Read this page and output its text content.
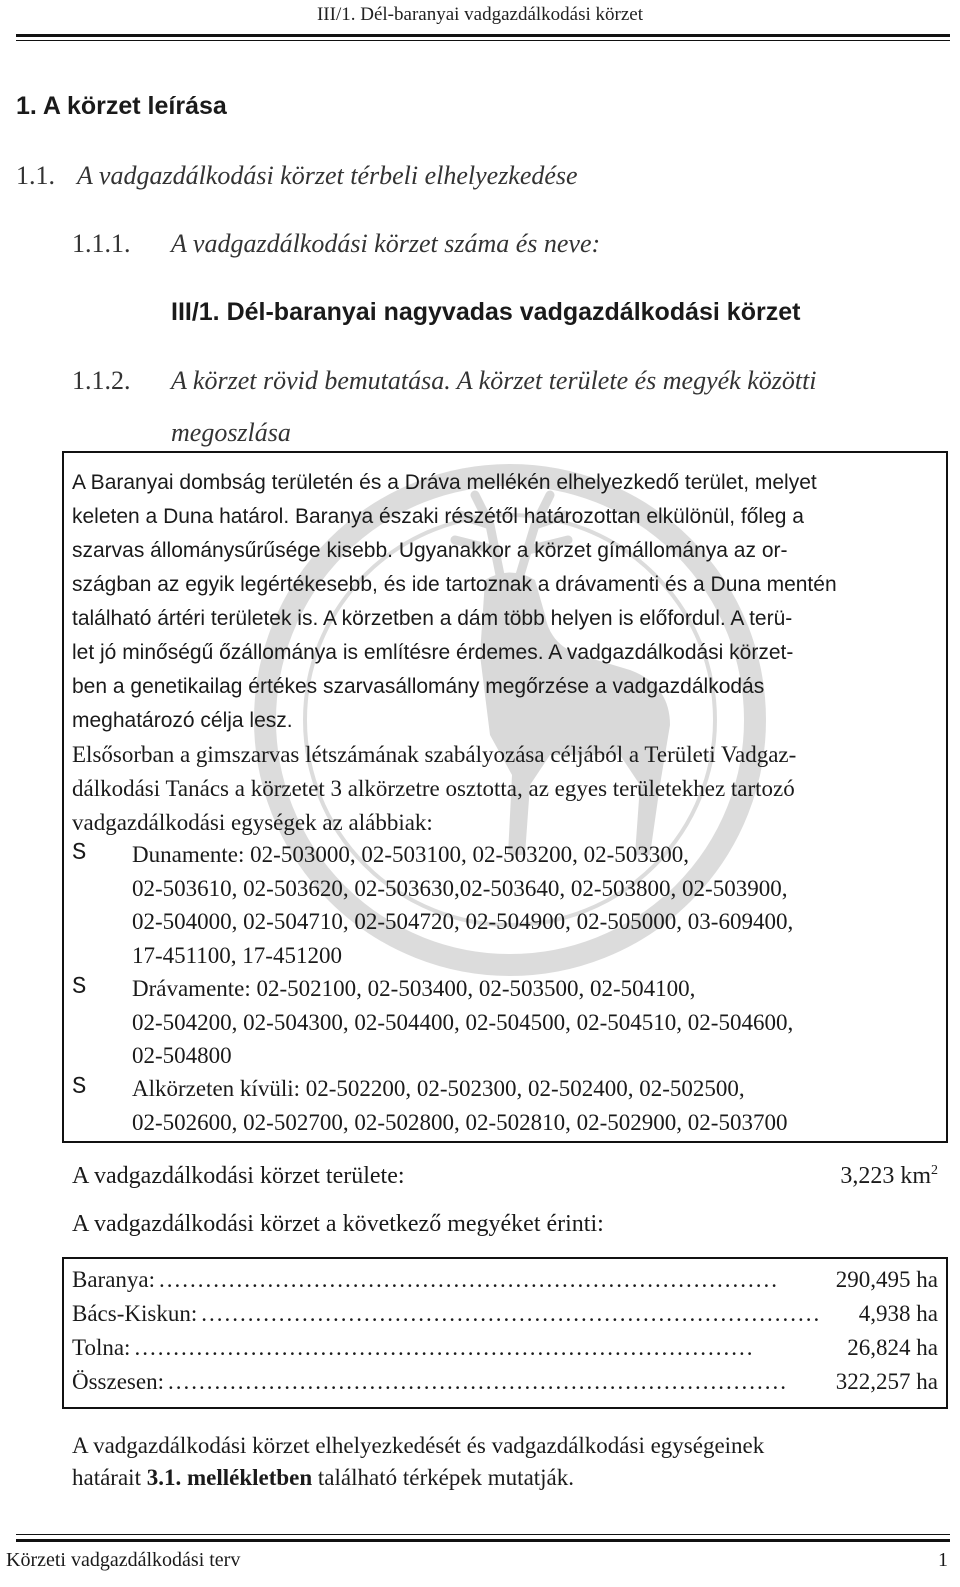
III/1. Dél-baranyai vadgazdálkodási körzet
1. A körzet leírása
1.1. A vadgazdálkodási körzet térbeli elhelyezkedése
1.1.1. A vadgazdálkodási körzet száma és neve:
III/1. Dél-baranyai nagyvadas vadgazdálkodási körzet
1.1.2. A körzet rövid bemutatása. A körzet területe és megyék közötti
megoszlása
A Baranyai dombság területén és a Dráva mellékén elhelyezkedő terület, melyet
keleten a Duna határol. Baranya északi részétől határozottan elkülönül, főleg a
szarvas állománysűrűsége kisebb. Ugyanakkor a körzet gímállománya az or-
szágban az egyik legértékesebb, és ide tartoznak a drávamenti és a Duna mentén
található ártéri területek is. A körzetben a dám több helyen is előfordul. A terü-
let jó minőségű őzállománya is említésre érdemes. A vadgazdálkodási körzet-
ben a genetikailag értékes szarvasállomány megőrzése a vadgazdálkodás
meghatározó célja lesz.
Elsősorban a gimszarvas létszámának szabályozása céljából a Területi Vadgaz-
dálkodási Tanács a körzetet 3 alkörzetre osztotta, az egyes területekhez tartozó
vadgazdálkodási egységek az alábbiak:
S Dunamente: 02-503000, 02-503100, 02-503200, 02-503300,
02-503610, 02-503620, 02-503630,02-503640, 02-503800, 02-503900,
02-504000, 02-504710, 02-504720, 02-504900, 02-505000, 03-609400,
17-451100, 17-451200
S Drávamente: 02-502100, 02-503400, 02-503500, 02-504100,
02-504200, 02-504300, 02-504400, 02-504500, 02-504510, 02-504600,
02-504800
S Alkörzeten kívüli: 02-502200, 02-502300, 02-502400, 02-502500,
02-502600, 02-502700, 02-502800, 02-502810, 02-502900, 02-503700
A vadgazdálkodási körzet területe:	3,223 $km^2$
A vadgazdálkodási körzet a következő megyéket érinti:
Baranya: ................................................................................	290,495 ha
Bács-Kiskun: ................................................................................	4,938 ha
Tolna: ................................................................................	26,824 ha
Összesen: ................................................................................	322,257 ha
A vadgazdálkodási körzet elhelyezkedését és vadgazdálkodási egységeinek
határait 3.1. mellékletben található térképek mutatják.
Körzeti vadgazdálkodási terv	1
